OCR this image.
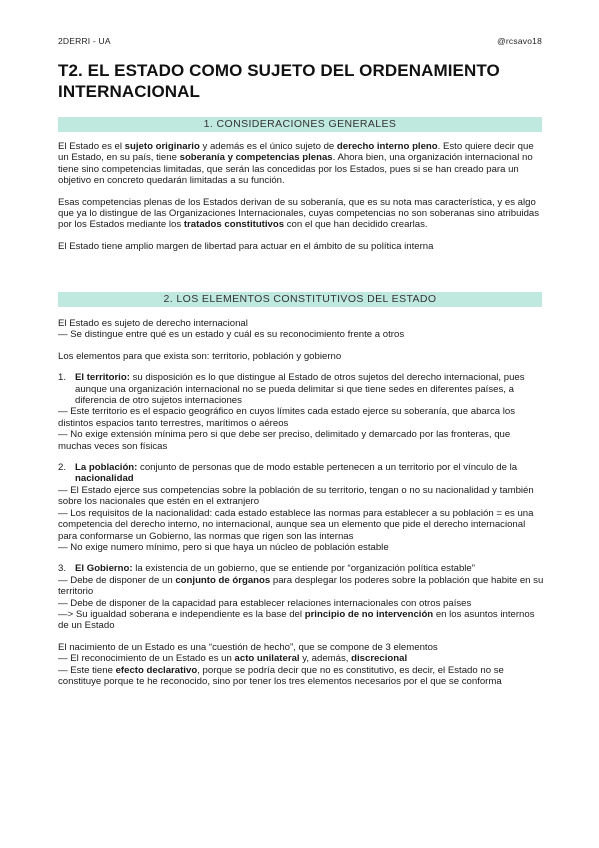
2DERRI - UA	@rcsavo18
T2. EL ESTADO COMO SUJETO DEL ORDENAMIENTO INTERNACIONAL
1. CONSIDERACIONES GENERALES

El Estado es el sujeto originario y además es el único sujeto de derecho interno pleno. Esto quiere decir que un Estado, en su país, tiene soberanía y competencias plenas. Ahora bien, una organización internacional no tiene sino competencias limitadas, que serán las concedidas por los Estados, pues si se han creado para un objetivo en concreto quedarán limitadas a su función.

Esas competencias plenas de los Estados derivan de su soberanía, que es su nota mas característica, y es algo que ya lo distingue de las Organizaciones Internacionales, cuyas competencias no son soberanas sino atribuidas por los Estados mediante los tratados constitutivos con el que han decidido crearlas.

El Estado tiene amplio margen de libertad para actuar en el ámbito de su política interna

2. LOS ELEMENTOS CONSTITUTIVOS DEL ESTADO

El Estado es sujeto de derecho internacional

— Se distingue entre qué es un estado y cuál es su reconocimiento frente a otros

Los elementos para que exista son: territorio, población y gobierno

1. El territorio: su disposición es lo que distingue al Estado de otros sujetos del derecho internacional, pues aunque una organización internacional no se pueda delimitar si que tiene sedes en diferentes países, a diferencia de otro sujetos internaciones

— Este territorio es el espacio geográfico en cuyos límites cada estado ejerce su soberanía, que abarca los distintos espacios tanto terrestres, marítimos o aéreos

— No exige extensión mínima pero si que debe ser preciso, delimitado y demarcado por las fronteras, que muchas veces son físicas

2. La población: conjunto de personas que de modo estable pertenecen a un territorio por el vínculo de la nacionalidad

— El Estado ejerce sus competencias sobre la población de su territorio, tengan o no su nacionalidad y también sobre los nacionales que estén en el extranjero

— Los requisitos de la nacionalidad: cada estado establece las normas para establecer a su población = es una competencia del derecho interno, no internacional, aunque sea un elemento que pide el derecho internacional para conformarse un Gobierno, las normas que rigen son las internas

— No exige numero mínimo, pero si que haya un núcleo de población estable

3. El Gobierno: la existencia de un gobierno, que se entiende por “organización política estable”

— Debe de disponer de un conjunto de órganos para desplegar los poderes sobre la población que habite en su territorio

— Debe de disponer de la capacidad para establecer relaciones internacionales con otros países

—> Su igualdad soberana e independiente es la base del principio de no intervención en los asuntos internos de un Estado

El nacimiento de un Estado es una “cuestión de hecho”, que se compone de 3 elementos

— El reconocimiento de un Estado es un acto unilateral y, además, discrecional

— Este tiene efecto declarativo, porque se podría decir que no es constitutivo, es decir, el Estado no se constituye porque te he reconocido, sino por tener los tres elementos necesarios por el que se conforma
